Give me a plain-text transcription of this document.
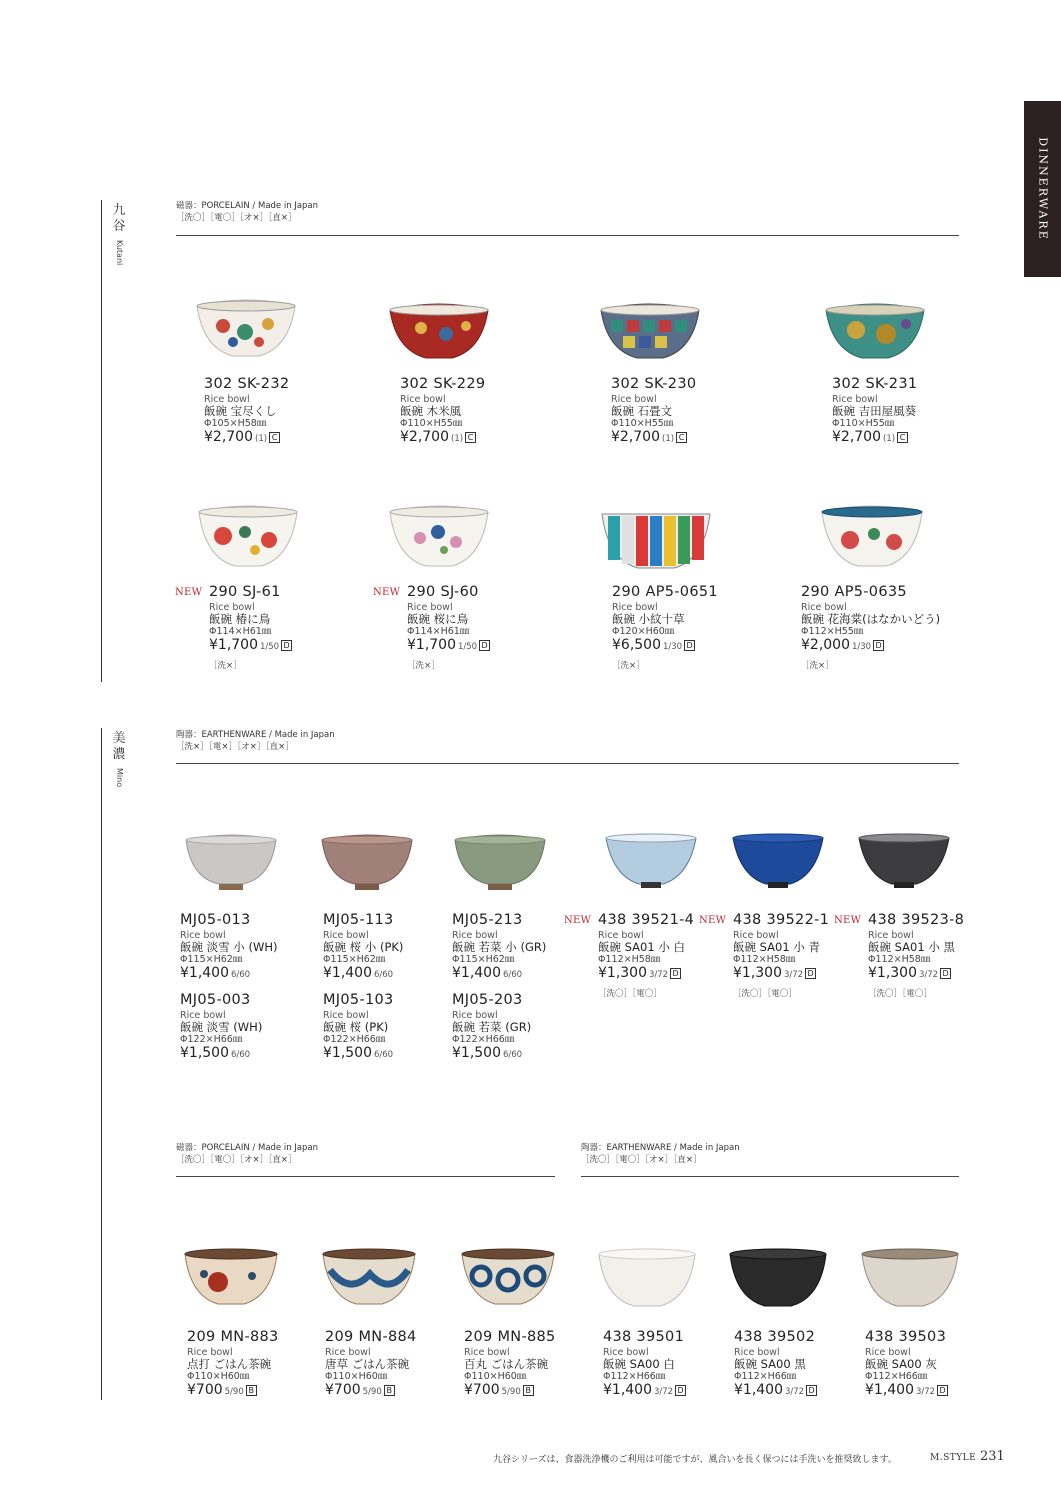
DINNERWARE
九谷
Kutani
磁器：PORCELAIN / Made in Japan
［洗〇］［電〇］［オ×］［直×］
302 SK-232
Rice bowl
飯碗 宝尽くし
Φ105×H58㎜
¥2,700 (1) C
302 SK-229
Rice bowl
飯碗 木米風
Φ110×H55㎜
¥2,700 (1) C
302 SK-230
Rice bowl
飯碗 石畳文
Φ110×H55㎜
¥2,700 (1) C
302 SK-231
Rice bowl
飯碗 吉田屋風葵
Φ110×H55㎜
¥2,700 (1) C
NEW 290 SJ-61
Rice bowl
飯碗 椿に鳥
Φ114×H61㎜
¥1,700 1/50 D
［洗×］
NEW 290 SJ-60
Rice bowl
飯碗 桜に鳥
Φ114×H61㎜
¥1,700 1/50 D
［洗×］
290 AP5-0651
Rice bowl
飯碗 小紋十草
Φ120×H60㎜
¥6,500 1/30 D
［洗×］
290 AP5-0635
Rice bowl
飯碗 花海棠(はなかいどう)
Φ112×H55㎜
¥2,000 1/30 D
［洗×］
美濃
Mino
陶器：EARTHENWARE / Made in Japan
［洗×］［電×］［オ×］［直×］
MJ05-013
Rice bowl
飯碗 淡雪 小 (WH)
Φ115×H62㎜
¥1,400 6/60
MJ05-003
Rice bowl
飯碗 淡雪 (WH)
Φ122×H66㎜
¥1,500 6/60
MJ05-113
Rice bowl
飯碗 桜 小 (PK)
Φ115×H62㎜
¥1,400 6/60
MJ05-103
Rice bowl
飯碗 桜 (PK)
Φ122×H66㎜
¥1,500 6/60
MJ05-213
Rice bowl
飯碗 若菜 小 (GR)
Φ115×H62㎜
¥1,400 6/60
MJ05-203
Rice bowl
飯碗 若菜 (GR)
Φ122×H66㎜
¥1,500 6/60
NEW 438 39521-4
Rice bowl
飯碗 SA01 小 白
Φ112×H58㎜
¥1,300 3/72 D
［洗〇］［電〇］
NEW 438 39522-1
Rice bowl
飯碗 SA01 小 青
Φ112×H58㎜
¥1,300 3/72 D
［洗〇］［電〇］
NEW 438 39523-8
Rice bowl
飯碗 SA01 小 黒
Φ112×H58㎜
¥1,300 3/72 D
［洗〇］［電〇］
磁器：PORCELAIN / Made in Japan
［洗〇］［電〇］［オ×］［直×］
陶器：EARTHENWARE / Made in Japan
［洗〇］［電〇］［オ×］［直×］
209 MN-883
Rice bowl
点打 ごはん茶碗
Φ110×H60㎜
¥700 5/90 B
209 MN-884
Rice bowl
唐草 ごはん茶碗
Φ110×H60㎜
¥700 5/90 B
209 MN-885
Rice bowl
百丸 ごはん茶碗
Φ110×H60㎜
¥700 5/90 B
438 39501
Rice bowl
飯碗 SA00 白
Φ112×H66㎜
¥1,400 3/72 D
438 39502
Rice bowl
飯碗 SA00 黒
Φ112×H66㎜
¥1,400 3/72 D
438 39503
Rice bowl
飯碗 SA00 灰
Φ112×H66㎜
¥1,400 3/72 D
九谷シリーズは、食器洗浄機のご利用は可能ですが、風合いを長く保つには手洗いを推奨致します。	M.STYLE 231
